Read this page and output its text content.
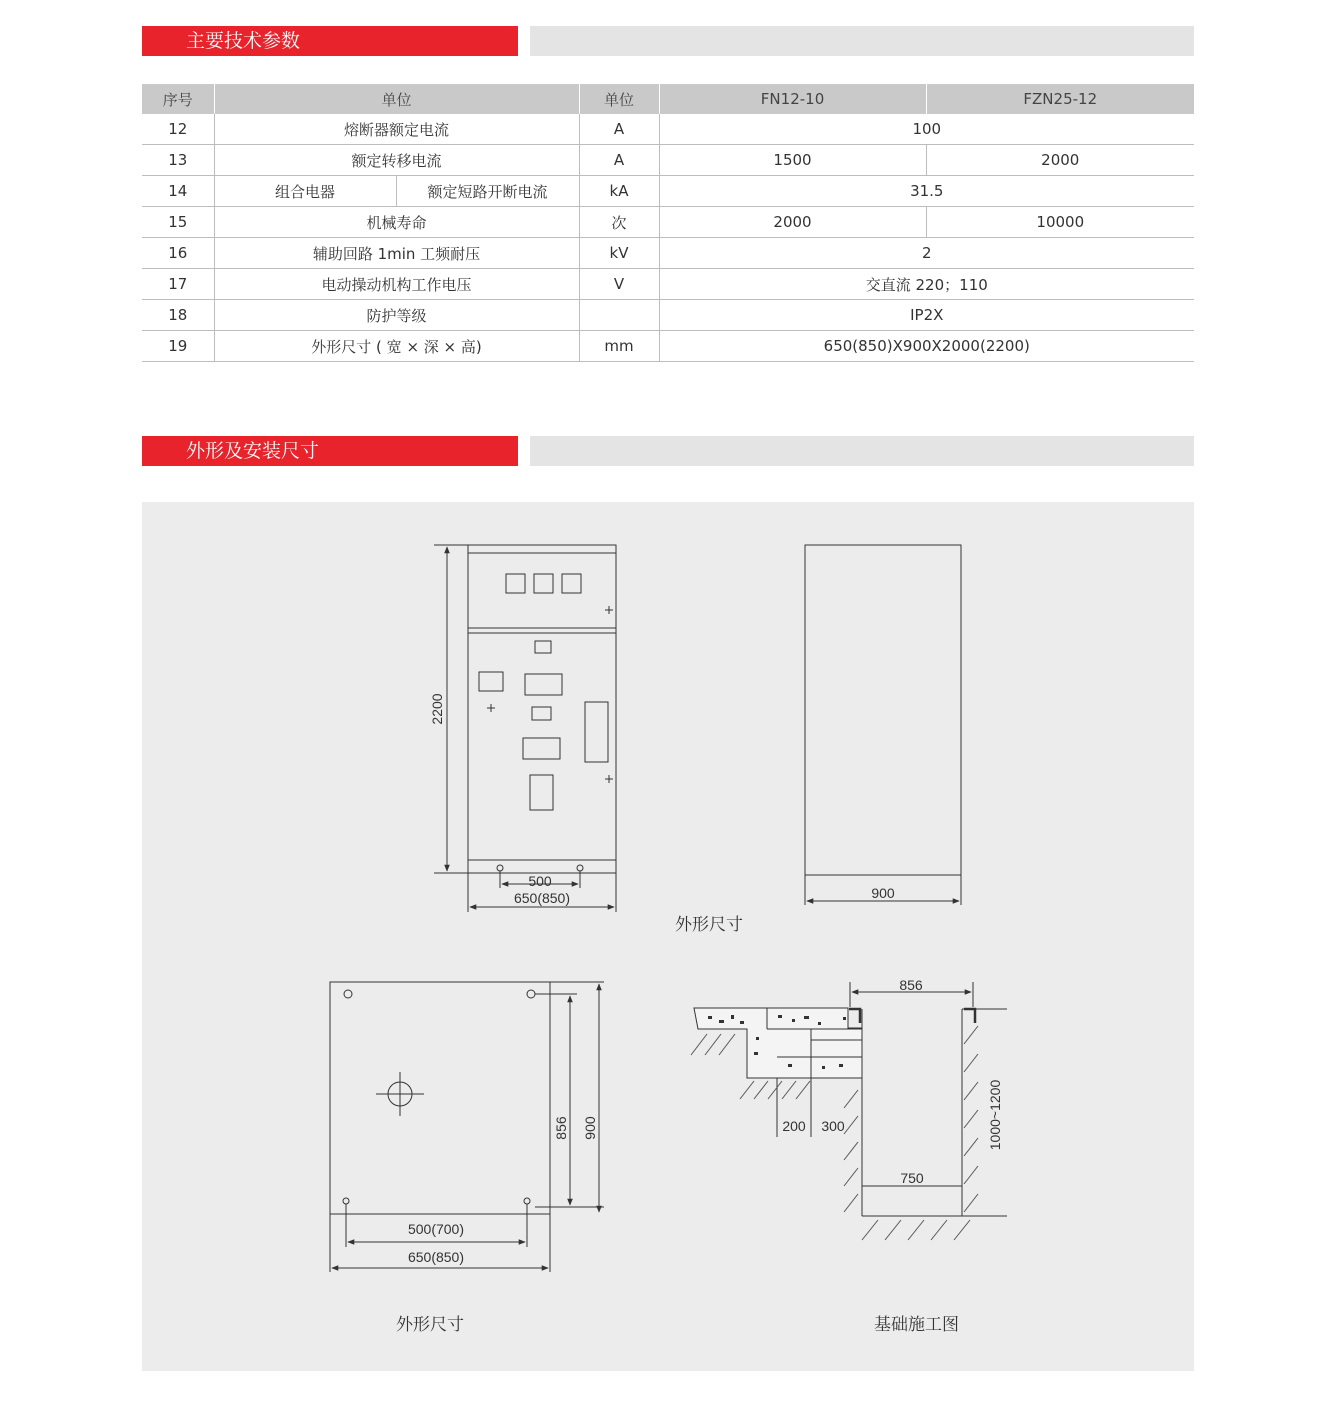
主要技术参数
序号	单位		单位	FN12-10	FZN25-12
12	熔断器额定电流		A	100	
13	额定转移电流		A	1500	2000
14	组合电器	额定短路开断电流	kA	31.5	
15	机械寿命		次	2000	10000
16	辅助回路 1min 工频耐压		kV	2	
17	电动操动机构工作电压		V	交直流 220；110	
18	防护等级			IP2X	
19	外形尺寸 ( 宽 × 深 × 高)		mm	650(850)X900X2000(2200)	
外形及安装尺寸
500
650(850)
2200
900
856 900
500(700)
650(850)
856
1000~1200
200 300
750
外形尺寸
外形尺寸	基础施工图
